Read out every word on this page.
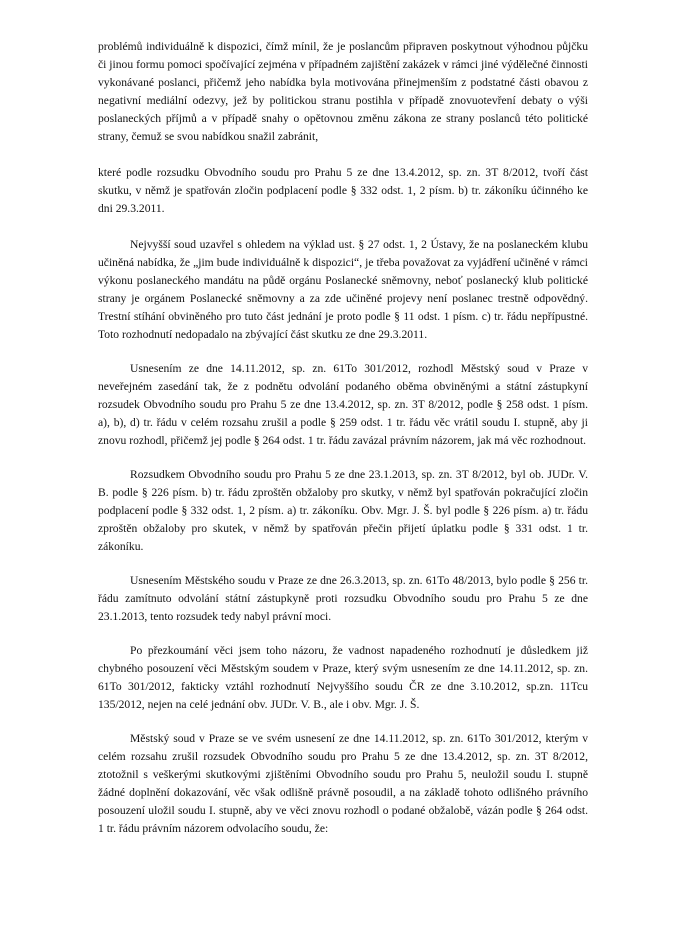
problémů individuálně k dispozici, čímž mínil, že je poslancům připraven poskytnout výhodnou půjčku či jinou formu pomoci spočívající zejména v případném zajištění zakázek v rámci jiné výdělečné činnosti vykonávané poslanci, přičemž jeho nabídka byla motivována přinejmenším z podstatné části obavou z negativní mediální odezvy, jež by politickou stranu postihla v případě znovuotevření debaty o výši poslaneckých příjmů a v případě snahy o opětovnou změnu zákona ze strany poslanců této politické strany, čemuž se svou nabídkou snažil zabránit,

které podle rozsudku Obvodního soudu pro Prahu 5 ze dne 13.4.2012, sp. zn. 3T 8/2012, tvoří část skutku, v němž je spatřován zločin podplacení podle § 332 odst. 1, 2 písm. b) tr. zákoníku účinného ke dni 29.3.2011.

Nejvyšší soud uzavřel s ohledem na výklad ust. § 27 odst. 1, 2 Ústavy, že na poslaneckém klubu učiněná nabídka, že „jim bude individuálně k dispozici“, je třeba považovat za vyjádření učiněné v rámci výkonu poslaneckého mandátu na půdě orgánu Poslanecké sněmovny, neboť poslanecký klub politické strany je orgánem Poslanecké sněmovny a za zde učiněné projevy není poslanec trestně odpovědný. Trestní stíhání obviněného pro tuto část jednání je proto podle § 11 odst. 1 písm. c) tr. řádu nepřípustné. Toto rozhodnutí nedopadalo na zbývající část skutku ze dne 29.3.2011.

Usnesením ze dne 14.11.2012, sp. zn. 61To 301/2012, rozhodl Městský soud v Praze v neveřejném zasedání tak, že z podnětu odvolání podaného oběma obviněnými a státní zástupkyní rozsudek Obvodního soudu pro Prahu 5 ze dne 13.4.2012, sp. zn. 3T 8/2012, podle § 258 odst. 1 písm. a), b), d) tr. řádu v celém rozsahu zrušil a podle § 259 odst. 1 tr. řádu věc vrátil soudu I. stupně, aby ji znovu rozhodl, přičemž jej podle § 264 odst. 1 tr. řádu zavázal právním názorem, jak má věc rozhodnout.

Rozsudkem Obvodního soudu pro Prahu 5 ze dne 23.1.2013, sp. zn. 3T 8/2012, byl ob. JUDr. V. B. podle § 226 písm. b) tr. řádu zproštěn obžaloby pro skutky, v němž byl spatřován pokračující zločin podplacení podle § 332 odst. 1, 2 písm. a) tr. zákoníku. Obv. Mgr. J. Š. byl podle § 226 písm. a) tr. řádu zproštěn obžaloby pro skutek, v němž by spatřován přečin přijetí úplatku podle § 331 odst. 1 tr. zákoníku.

Usnesením Městského soudu v Praze ze dne 26.3.2013, sp. zn. 61To 48/2013, bylo podle § 256 tr. řádu zamítnuto odvolání státní zástupkyně proti rozsudku Obvodního soudu pro Prahu 5 ze dne 23.1.2013, tento rozsudek tedy nabyl právní moci.

Po přezkoumání věci jsem toho názoru, že vadnost napadeného rozhodnutí je důsledkem již chybného posouzení věci Městským soudem v Praze, který svým usnesením ze dne 14.11.2012, sp. zn. 61To 301/2012, fakticky vztáhl rozhodnutí Nejvyššího soudu ČR ze dne 3.10.2012, sp.zn. 11Tcu 135/2012, nejen na celé jednání obv. JUDr. V. B., ale i obv. Mgr. J. Š.

Městský soud v Praze se ve svém usnesení ze dne 14.11.2012, sp. zn. 61To 301/2012, kterým v celém rozsahu zrušil rozsudek Obvodního soudu pro Prahu 5 ze dne 13.4.2012, sp. zn. 3T 8/2012, ztotožnil s veškerými skutkovými zjištěními Obvodního soudu pro Prahu 5, neuložil soudu I. stupně žádné doplnění dokazování, věc však odlišně právně posoudil, a na základě tohoto odlišného právního posouzení uložil soudu I. stupně, aby ve věci znovu rozhodl o podané obžalobě, vázán podle § 264 odst. 1 tr. řádu právním názorem odvolacího soudu, že:
